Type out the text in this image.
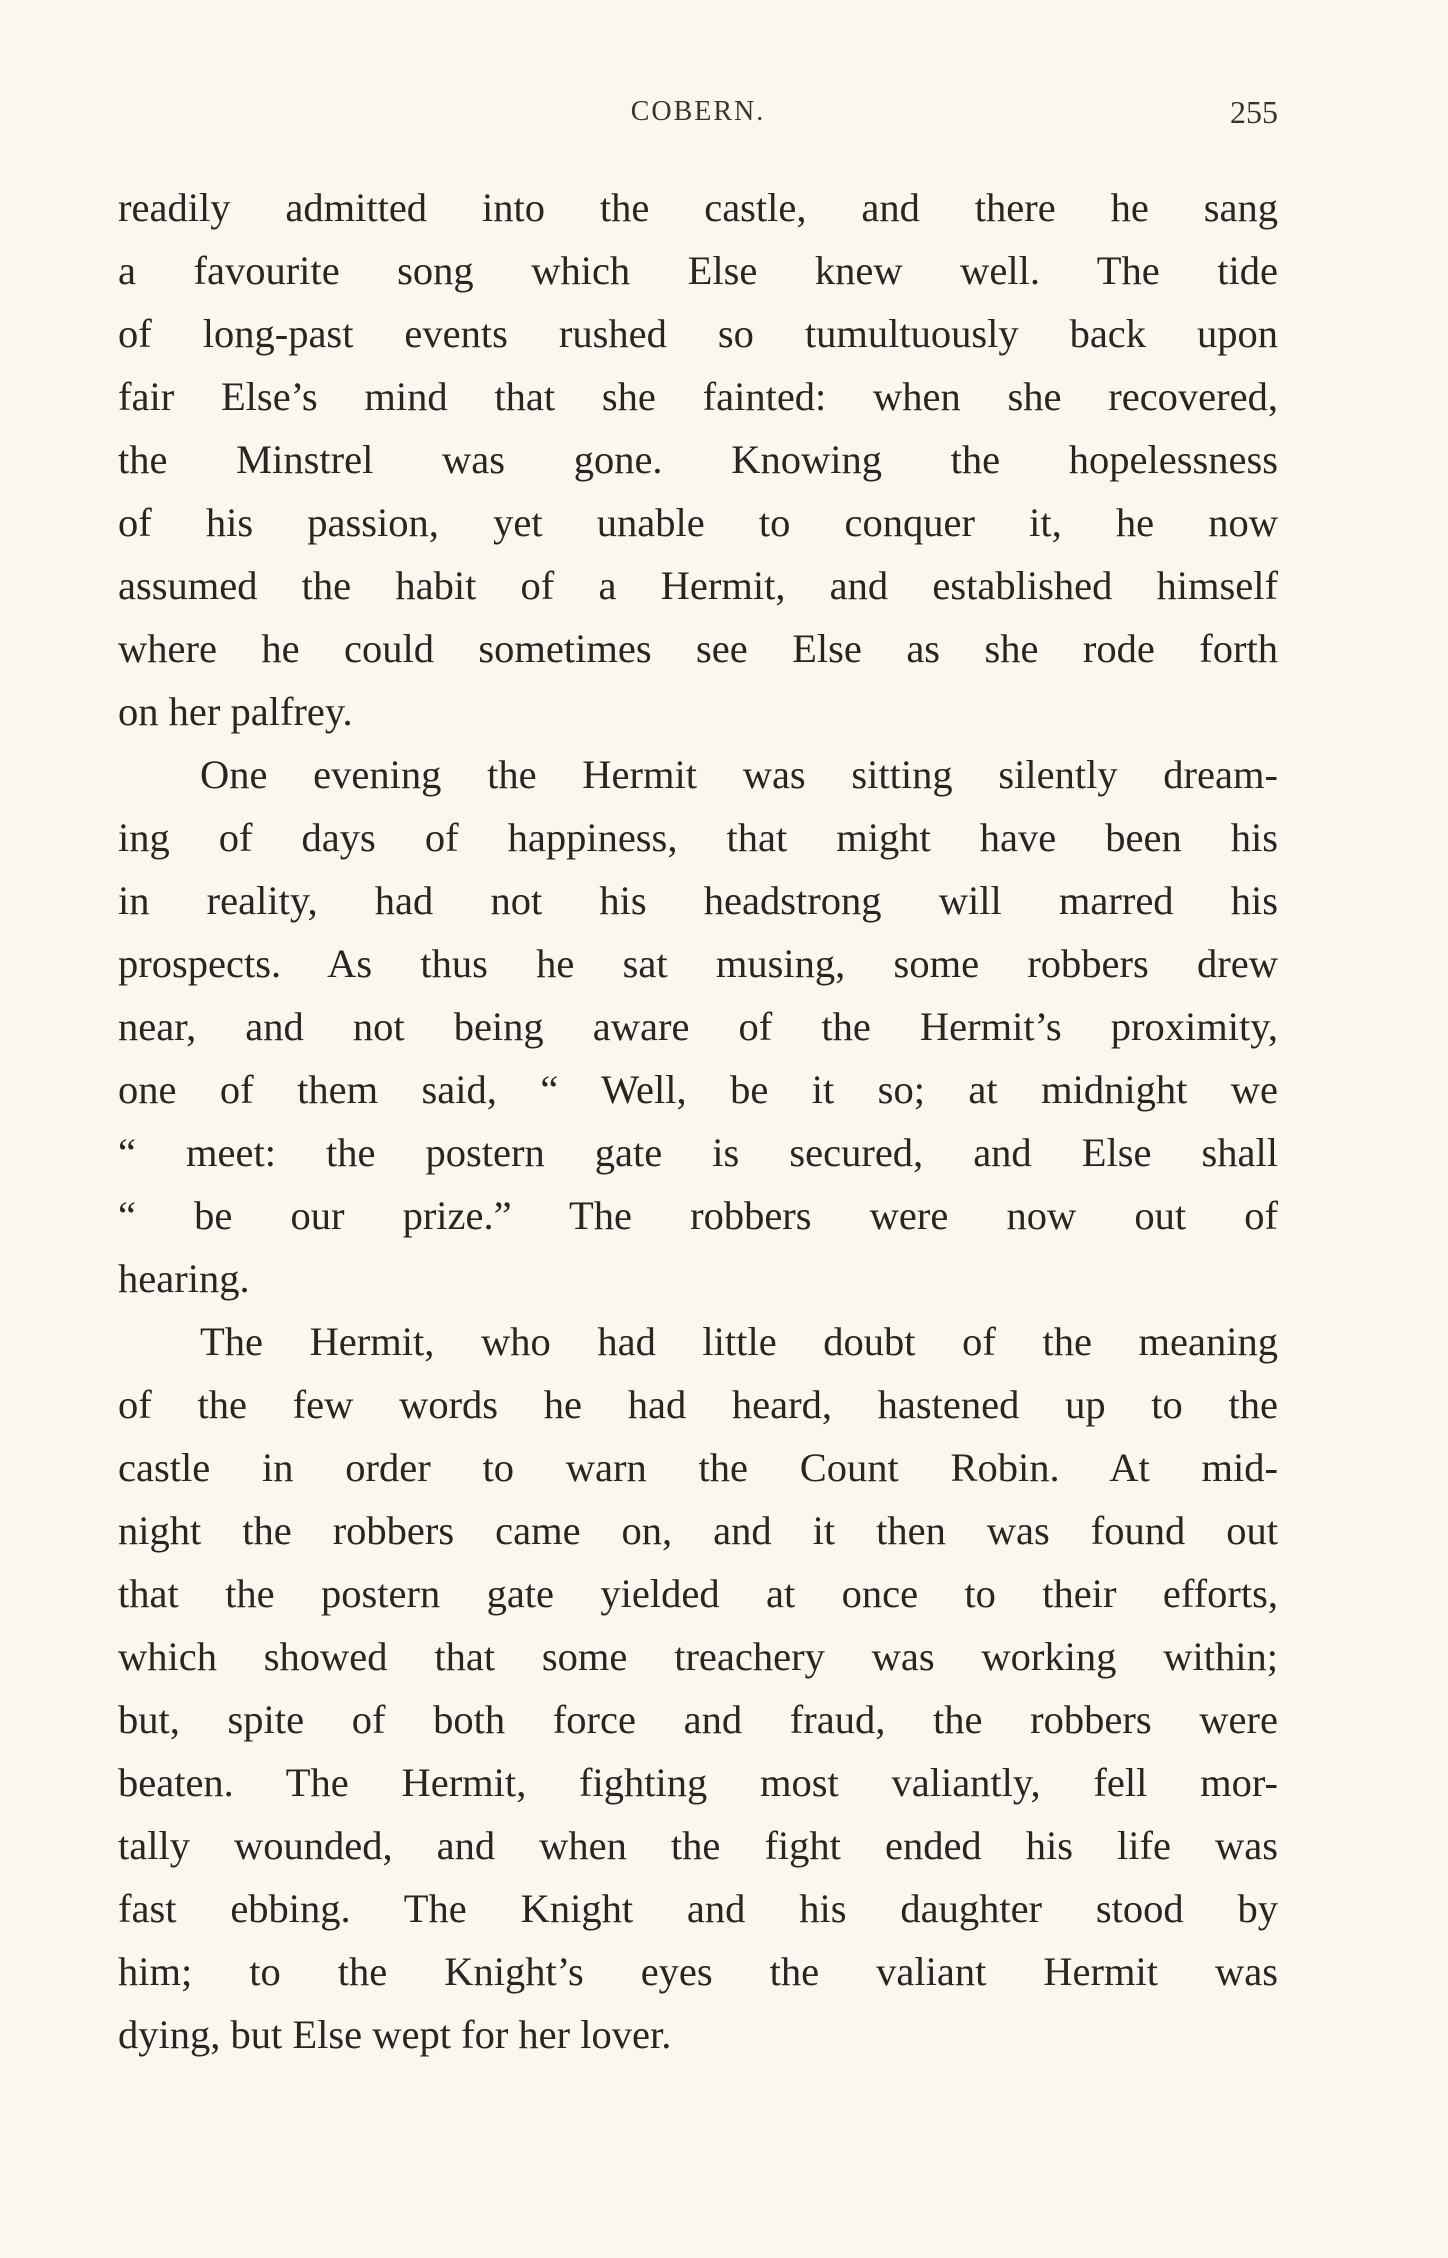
COBERN.	255
readily admitted into the castle, and there he sang
a favourite song which Else knew well. The tide
of long-past events rushed so tumultuously back upon
fair Else’s mind that she fainted: when she recovered,
the Minstrel was gone. Knowing the hopelessness
of his passion, yet unable to conquer it, he now
assumed the habit of a Hermit, and established himself
where he could sometimes see Else as she rode forth
on her palfrey.
One evening the Hermit was sitting silently dream-
ing of days of happiness, that might have been his
in reality, had not his headstrong will marred his
prospects. As thus he sat musing, some robbers drew
near, and not being aware of the Hermit’s proximity,
one of them said, “ Well, be it so; at midnight we
“ meet: the postern gate is secured, and Else shall
“ be our prize.” The robbers were now out of
hearing.
The Hermit, who had little doubt of the meaning
of the few words he had heard, hastened up to the
castle in order to warn the Count Robin. At mid-
night the robbers came on, and it then was found out
that the postern gate yielded at once to their efforts,
which showed that some treachery was working within;
but, spite of both force and fraud, the robbers were
beaten. The Hermit, fighting most valiantly, fell mor-
tally wounded, and when the fight ended his life was
fast ebbing. The Knight and his daughter stood by
him; to the Knight’s eyes the valiant Hermit was
dying, but Else wept for her lover.
